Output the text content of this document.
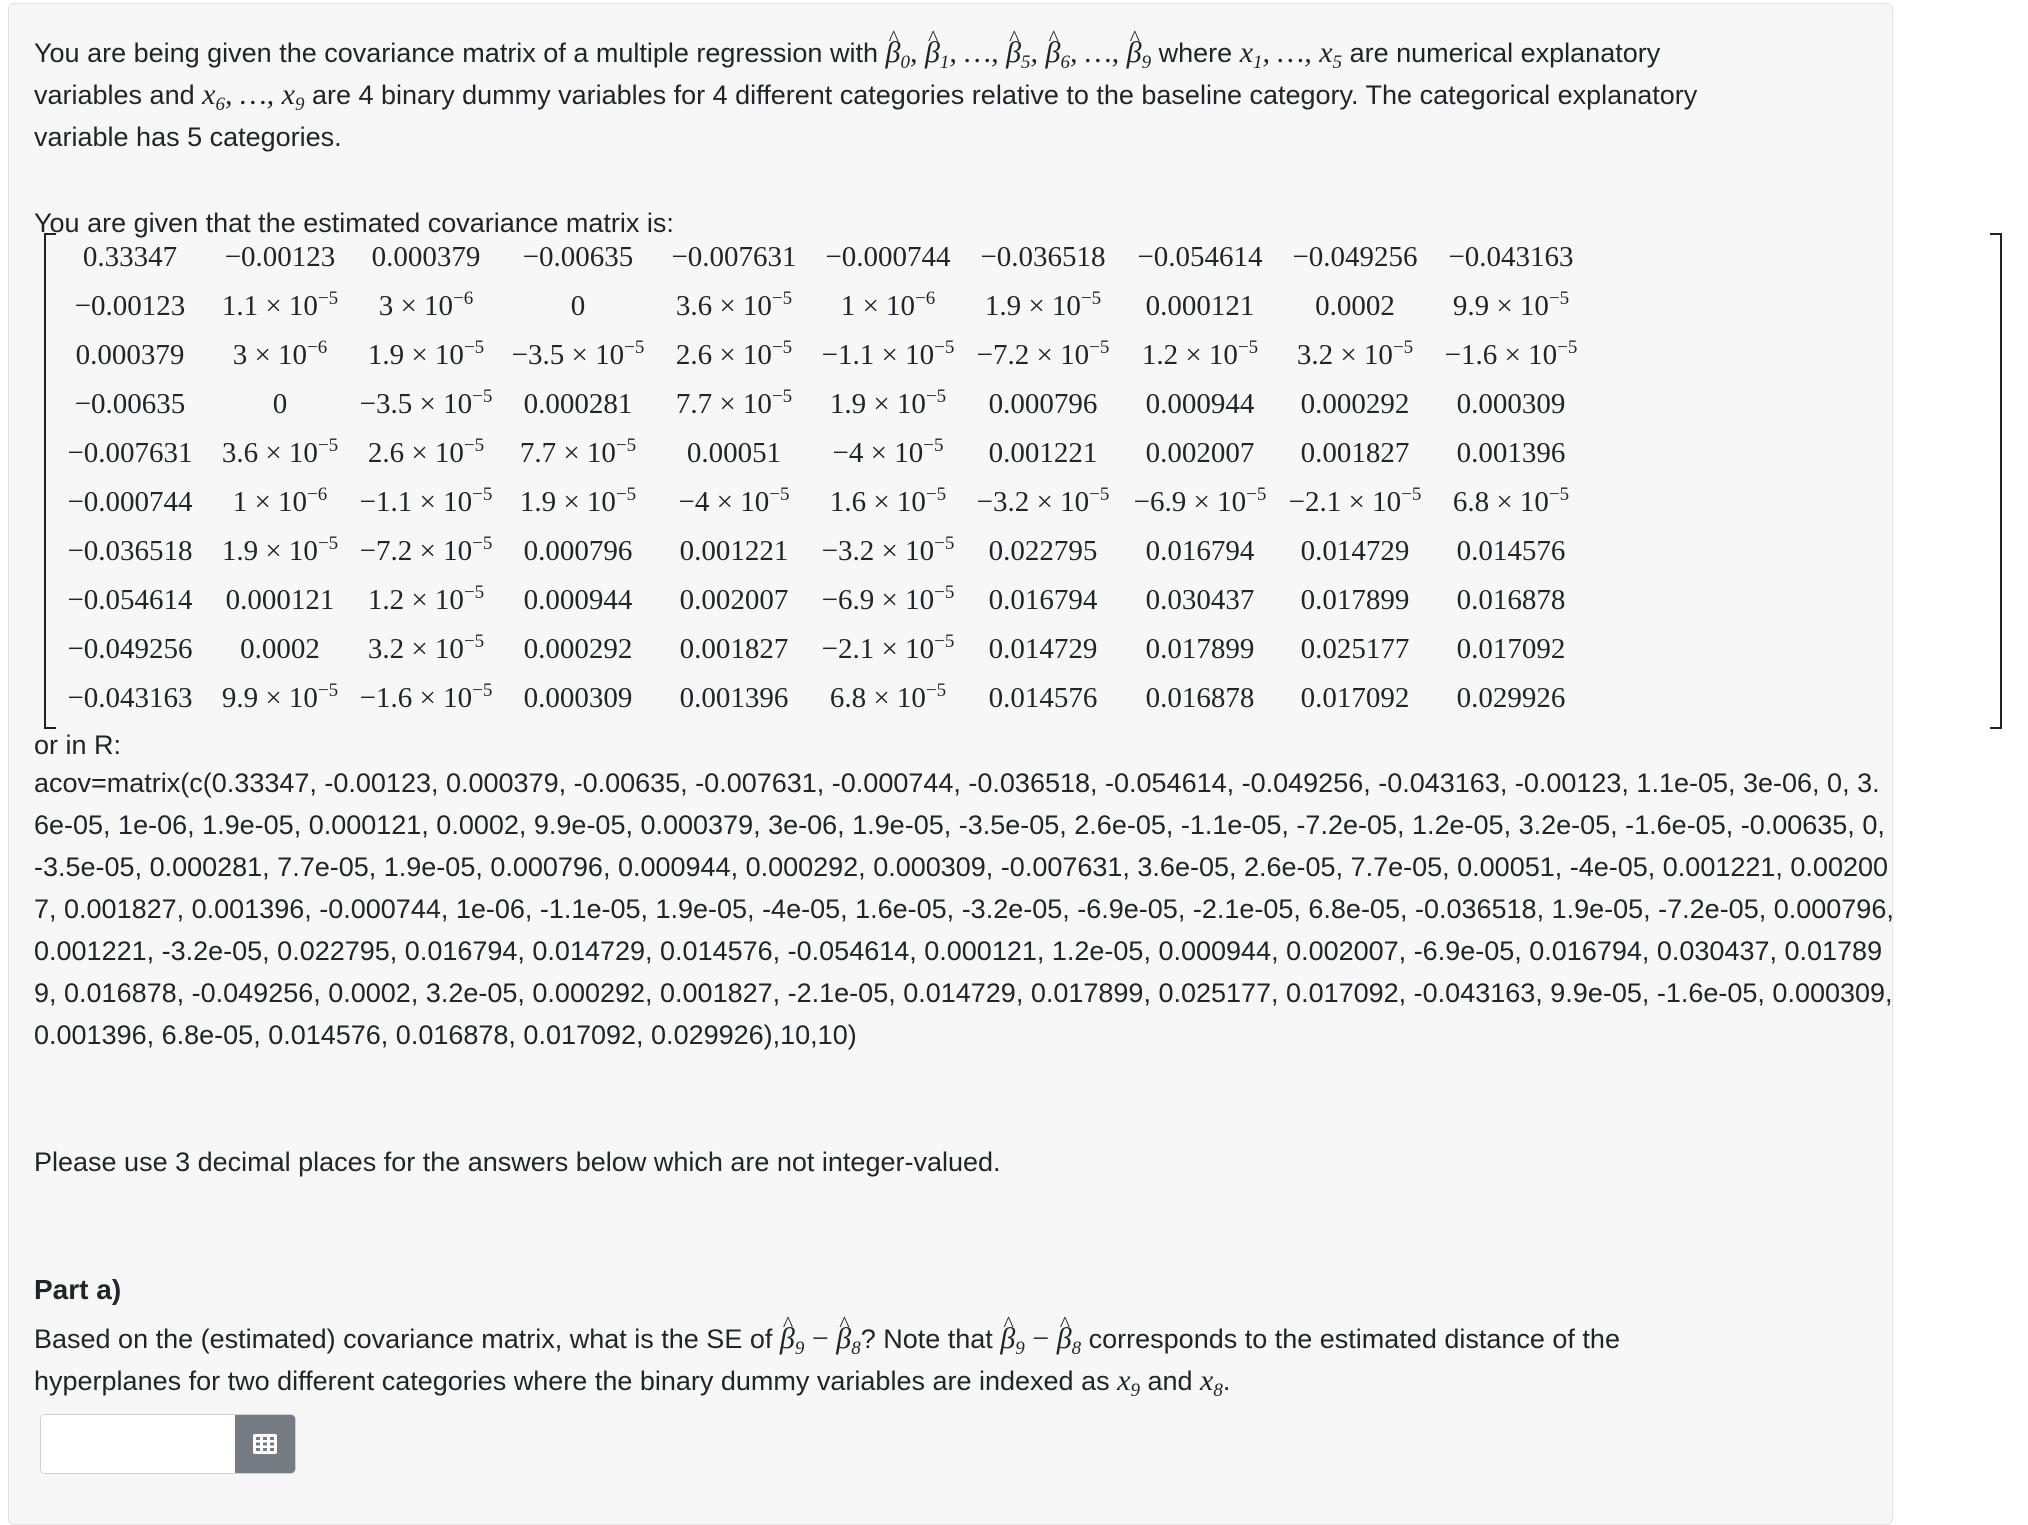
You are being given the covariance matrix of a multiple regression with ^ $\beta_0$, ^ $\beta_1$, …, ^ $\beta_5$, ^ $\beta_6$, …, ^ $\beta_9$ where $x_1$, …, $x_5$ are numerical explanatory
variables and $x_6$, …, $x_9$ are 4 binary dummy variables for 4 different categories relative to the baseline category. The categorical explanatory
variable has 5 categories.
You are given that the estimated covariance matrix is:
0.33347	−0.00123	0.000379	−0.00635	−0.007631 −0.000744	−0.036518	−0.054614	−0.049256	−0.043163
−0.00123	$1.1 \times 10^{-5}$	$3 \times 10^{-6}$	0	$3.6 \times 10^{-5}$	$1 \times 10^{-6}$	$1.9 \times 10^{-5}$	0.000121	0.0002	$9.9 \times 10^{-5}$
0.000379	$3 \times 10^{-6}$	$1.9 \times 10^{-5} -3.5 \times 10^{-5}$	$2.6 \times 10^{-5}$	$-1.1 \times 10^{-5} -7.2 \times 10^{-5}$	$1.2 \times 10^{-5}$	$3.2 \times 10^{-5}$	$-1.6 \times 10^{-5}$
−0.00635	0	$-3.5 \times 10^{-5}$	0.000281	$7.7 \times 10^{-5}$	$1.9 \times 10^{-5}$	0.000796	0.000944	0.000292	0.000309
−0.007631	$3.6 \times 10^{-5}$	$2.6 \times 10^{-5}$	$7.7 \times 10^{-5}$	0.00051	$-4 \times 10^{-5}$	0.001221	0.002007	0.001827	0.001396
−0.000744	$1 \times 10^{-6}$	$-1.1 \times 10^{-5}$ $1.9 \times 10^{-5}$	$-4 \times 10^{-5}$	$1.6 \times 10^{-5}$	$-3.2 \times 10^{-5} -6.9 \times 10^{-5} -2.1 \times 10^{-5}$	$6.8 \times 10^{-5}$
−0.036518	$1.9 \times 10^{-5} -7.2 \times 10^{-5}$	0.000796	0.001221	$-3.2 \times 10^{-5}$	0.022795	0.016794	0.014729	0.014576
−0.054614	0.000121	$1.2 \times 10^{-5}$	0.000944	0.002007	$-6.9 \times 10^{-5}$	0.016794	0.030437	0.017899	0.016878
−0.049256	0.0002	$3.2 \times 10^{-5}$	0.000292	0.001827	$-2.1 \times 10^{-5}$	0.014729	0.017899	0.025177	0.017092
−0.043163	$9.9 \times 10^{-5} -1.6 \times 10^{-5}$	0.000309	0.001396	$6.8 \times 10^{-5}$	0.014576	0.016878	0.017092	0.029926
or in R:
acov=matrix(c(0.33347, -0.00123, 0.000379, -0.00635, -0.007631, -0.000744, -0.036518, -0.054614, -0.049256, -0.043163, -0.00123, 1.1e-05, 3e-06, 0, 3.6e-05, 1e-06, 1.9e-05, 0.000121, 0.0002, 9.9e-05, 0.000379, 3e-06, 1.9e-05, -3.5e-05, 2.6e-05, -1.1e-05, -7.2e-05, 1.2e-05, 3.2e-05, -1.6e-05, -0.00635, 0, -3.5e-05, 0.000281, 7.7e-05, 1.9e-05, 0.000796, 0.000944, 0.000292, 0.000309, -0.007631, 3.6e-05, 2.6e-05, 7.7e-05, 0.00051, -4e-05, 0.001221, 0.002007, 0.001827, 0.001396, -0.000744, 1e-06, -1.1e-05, 1.9e-05, -4e-05, 1.6e-05, -3.2e-05, -6.9e-05, -2.1e-05, 6.8e-05, -0.036518, 1.9e-05, -7.2e-05, 0.000796, 0.001221, -3.2e-05, 0.022795, 0.016794, 0.014729, 0.014576, -0.054614, 0.000121, 1.2e-05, 0.000944, 0.002007, -6.9e-05, 0.016794, 0.030437, 0.017899, 0.016878, -0.049256, 0.0002, 3.2e-05, 0.000292, 0.001827, -2.1e-05, 0.014729, 0.017899, 0.025177, 0.017092, -0.043163, 9.9e-05, -1.6e-05, 0.000309, 0.001396, 6.8e-05, 0.014576, 0.016878, 0.017092, 0.029926),10,10)
Please use 3 decimal places for the answers below which are not integer-valued.
Part a)
Based on the (estimated) covariance matrix, what is the SE of ^ $\beta_9$ − ^ $\beta_8$? Note that ^ $\beta_9$ − ^ $\beta_8$ corresponds to the estimated distance of the
hyperplanes for two different categories where the binary dummy variables are indexed as $x_9$ and $x_8$.
